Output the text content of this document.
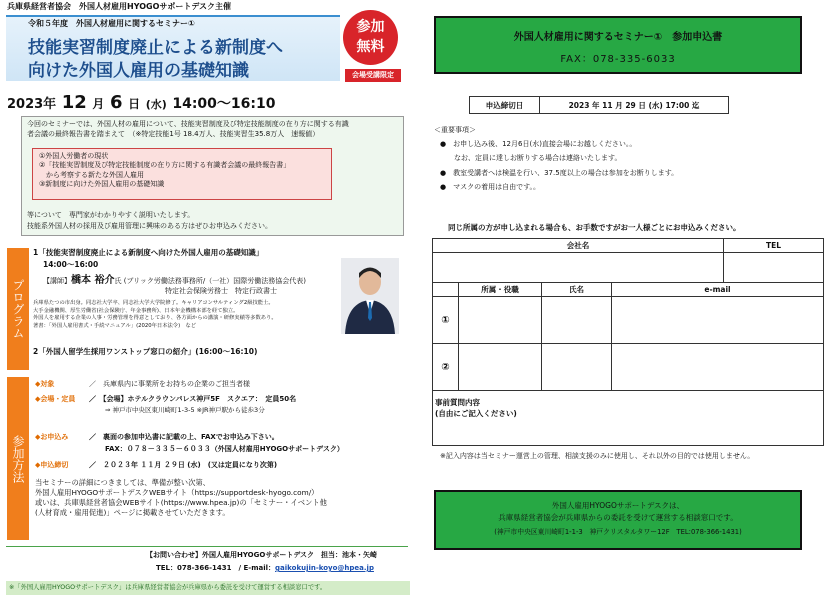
兵庫県経営者協会　外国人材雇用HYOGOサポートデスク主催
令和５年度　外国人材雇用に関するセミナー①
技能実習制度廃止による新制度へ
向けた外国人雇用の基礎知識
参加
無料
会場受講限定
2023年 12 月 6 日 (水) 14:00～16:10
今回のセミナーでは、外国人材の雇用について、技能実習制度及び特定技能制度の在り方に関する有識
者会議の最終報告書を踏まえて　（※特定技能1号 18.4万人、技能実習生35.8万人　速報値）
①外国人労働者の現状
②「技能実習制度及び特定技能制度の在り方に関する有識者会議の最終報告書」
　から考察する新たな外国人雇用
③新制度に向けた外国人雇用の基礎知識
等について　専門家がわかりやすく説明いたします。
技能系外国人材の採用及び雇用管理に興味のある方はぜひお申込みください。
プログラム
1「技能実習制度廃止による新制度へ向けた外国人雇用の基礎知識」
14:00～16:00
【講師】橋本 裕介氏 (ブリック労働法務事務所/（一社）国際労働法務協会代表)
特定社会保険労務士　特定行政書士
兵庫県たつの市出身。同志社大学卒、同志社大学大学院修了。キャリアコンサルティング2級技能士。
大手金融機関、厚生労働省(社会保険庁、年金事務所)、日本年金機構本部を経て独立。
外国人を雇用する企業の人事・労務管理を得意としており、各方面からの講演・研修実績等多数あり。
著書：「外国人雇用書式・手続マニュアル」(2020年日本法令)　など
2「外国人留学生採用ワンストップ窓口の紹介」(16:00～16:10)
参加方法
◆対象	／　兵庫県内に事業所をお持ちの企業のご担当者様
◆会場・定員 ／　【会場】ホテルクラウンパレス神戸5F　スクエア：　定員50名
⇒ 神戸市中央区東川崎町1-3-5 ※JR神戸駅から徒歩3分
◆お申込み	／　裏面の参加申込書に記載の上、FAXでお申込み下さい。
FAX：０７８－３３５－６０３３（外国人材雇用HYOGOサポートデスク）
◆申込締切	／　２０２３年 １１月 ２９日 (水)　(又は定員になり次第)
当セミナーの詳細につきましては、準備が整い次第、
外国人雇用HYOGOサポートデスクWEBサイト（https://supportdesk-hyogo.com/）
或いは、兵庫県経営者協会WEBサイト(https://www.hpea.jp)の「セミナー・イベント他
(人材育成・雇用促進)」ページに掲載させていただきます。
【お問い合わせ】外国人雇用HYOGOサポートデスク　担当：池本・矢崎
TEL：078-366-1431　/ E-mail：gaikokujin-koyo@hpea.jp
※「外国人雇用HYOGOサポートデスク」は兵庫県経営者協会が兵庫県から委託を受けて運営する相談窓口です。
外国人材雇用に関するセミナー①　参加申込書
FAX：078-335-6033
申込締切日	2023 年 11 月 29 日 (水) 17:00 迄
＜重要事項＞
●　お申し込み後、12月6日(水)直接会場にお越しください。。
　　なお、定員に達しお断りする場合は連絡いたします。
●　教室受講者へは検温を行い、37.5度以上の場合は参加をお断りします。
●　マスクの着用は自由です。。
同じ所属の方が申し込まれる場合も、お手数ですがお一人様ごとにお申込みください。
会社名				TEL

	所属・役職	氏名	e-mail	
①				
②				

事前質問内容
(自由にご記入ください)				
※記入内容は当セミナー運営上の管理、相談支援のみに使用し、それ以外の目的では使用しません。
外国人雇用HYOGOサポートデスクは、
兵庫県経営者協会が兵庫県からの委託を受けて運営する相談窓口です。
(神戸市中央区東川崎町1-1-3　神戸クリスタルタワー12F　TEL:078-366-1431)
